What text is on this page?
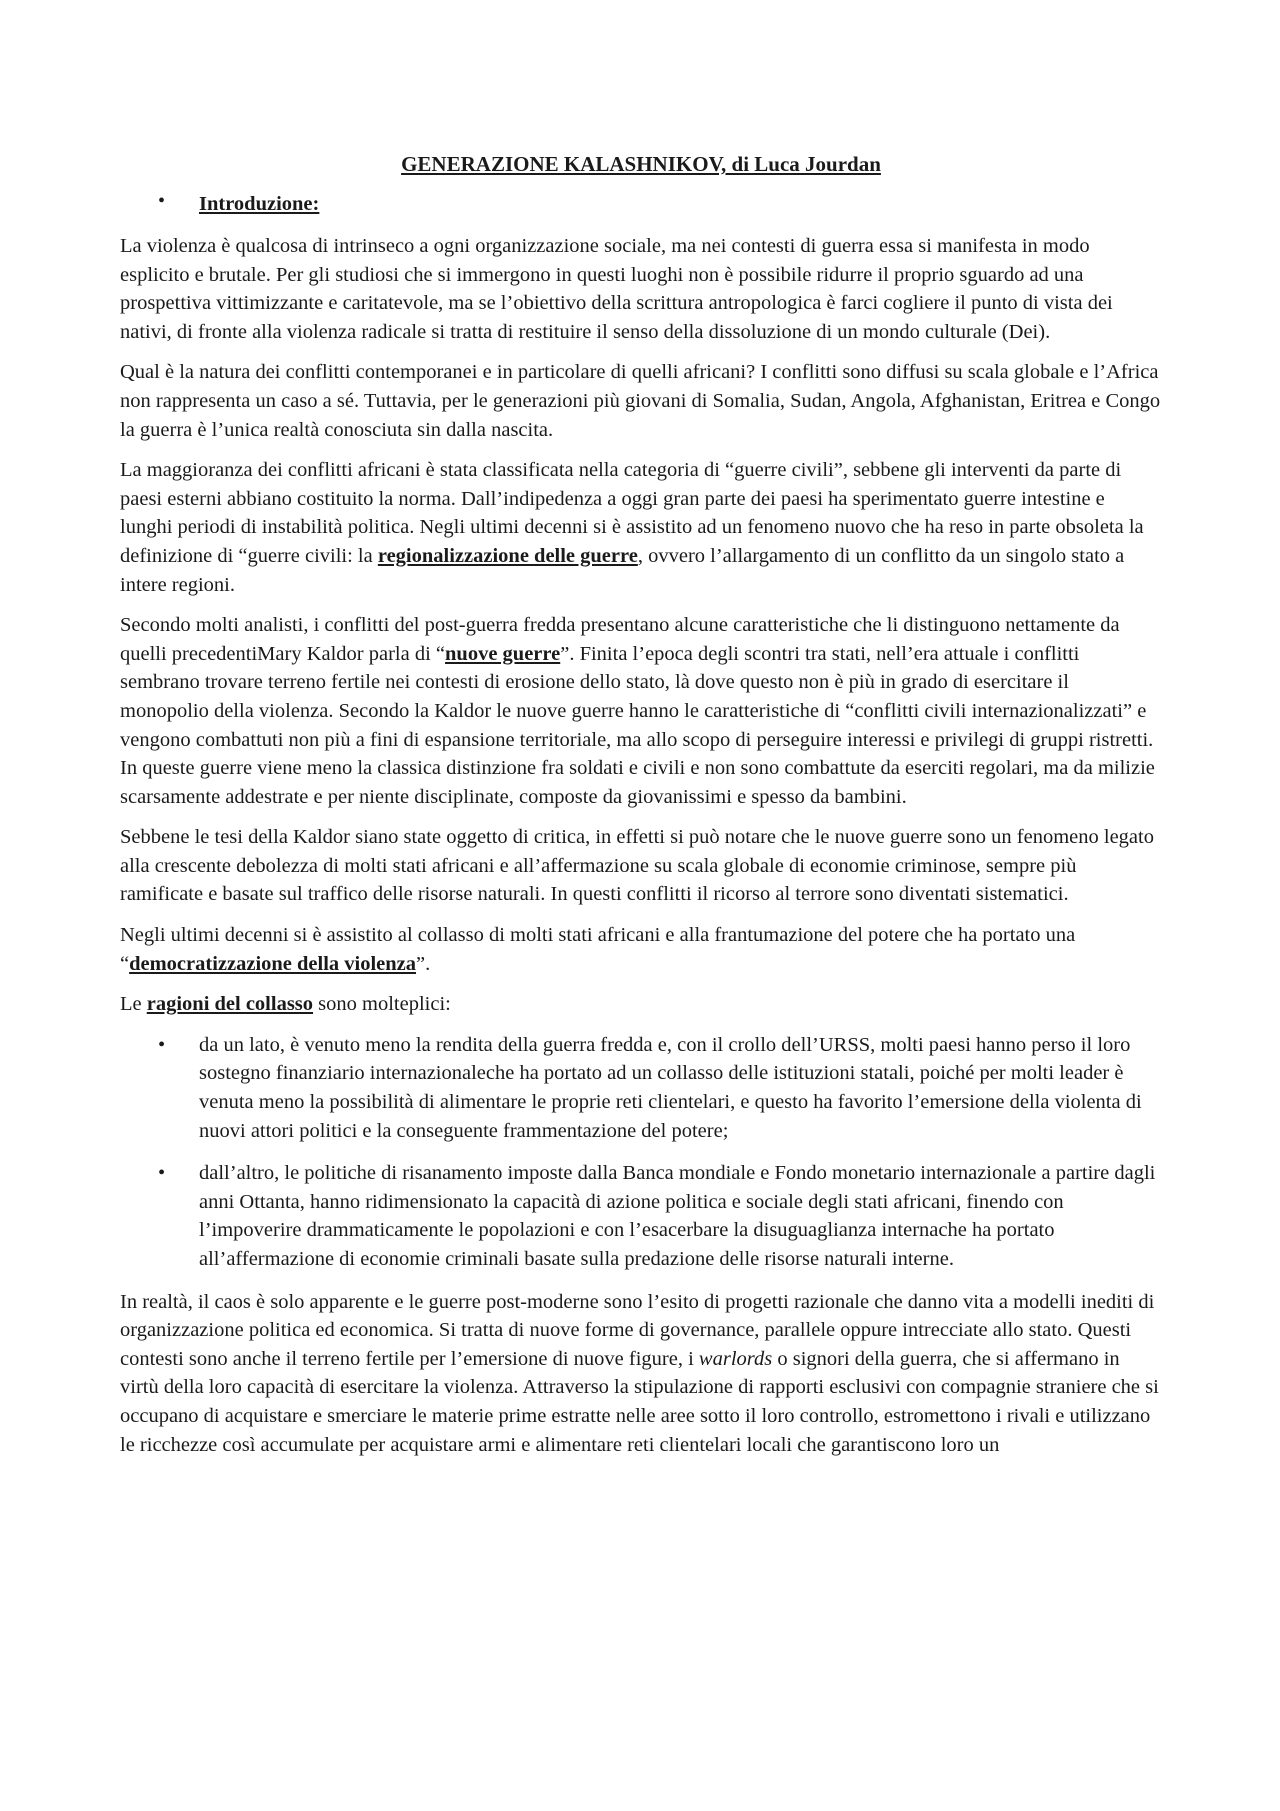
GENERAZIONE KALASHNIKOV, di Luca Jourdan
• Introduzione:

La violenza è qualcosa di intrinseco a ogni organizzazione sociale, ma nei contesti di guerra essa si manifesta in modo esplicito e brutale. Per gli studiosi che si immergono in questi luoghi non è possibile ridurre il proprio sguardo ad una prospettiva vittimizzante e caritatevole, ma se l’obiettivo della scrittura antropologica è farci cogliere il punto di vista dei nativi, di fronte alla violenza radicale si tratta di restituire il senso della dissoluzione di un mondo culturale (Dei).

Qual è la natura dei conflitti contemporanei e in particolare di quelli africani? I conflitti sono diffusi su scala globale e l’Africa non rappresenta un caso a sé. Tuttavia, per le generazioni più giovani di Somalia, Sudan, Angola, Afghanistan, Eritrea e Congo la guerra è l’unica realtà conosciuta sin dalla nascita.

La maggioranza dei conflitti africani è stata classificata nella categoria di “guerre civili”, sebbene gli interventi da parte di paesi esterni abbiano costituito la norma. Dall’indipedenza a oggi gran parte dei paesi ha sperimentato guerre intestine e lunghi periodi di instabilità politica. Negli ultimi decenni si è assistito ad un fenomeno nuovo che ha reso in parte obsoleta la definizione di “guerre civili: la regionalizzazione delle guerre, ovvero l’allargamento di un conflitto da un singolo stato a intere regioni.

Secondo molti analisti, i conflitti del post-guerra fredda presentano alcune caratteristiche che li distinguono nettamente da quelli precedentiMary Kaldor parla di “nuove guerre”. Finita l’epoca degli scontri tra stati, nell’era attuale i conflitti sembrano trovare terreno fertile nei contesti di erosione dello stato, là dove questo non è più in grado di esercitare il monopolio della violenza. Secondo la Kaldor le nuove guerre hanno le caratteristiche di “conflitti civili internazionalizzati” e vengono combattuti non più a fini di espansione territoriale, ma allo scopo di perseguire interessi e privilegi di gruppi ristretti. In queste guerre viene meno la classica distinzione fra soldati e civili e non sono combattute da eserciti regolari, ma da milizie scarsamente addestrate e per niente disciplinate, composte da giovanissimi e spesso da bambini.

Sebbene le tesi della Kaldor siano state oggetto di critica, in effetti si può notare che le nuove guerre sono un fenomeno legato alla crescente debolezza di molti stati africani e all’affermazione su scala globale di economie criminose, sempre più ramificate e basate sul traffico delle risorse naturali. In questi conflitti il ricorso al terrore sono diventati sistematici.

Negli ultimi decenni si è assistito al collasso di molti stati africani e alla frantumazione del potere che ha portato una “democratizzazione della violenza”.

Le ragioni del collasso sono molteplici:

• da un lato, è venuto meno la rendita della guerra fredda e, con il crollo dell’URSS, molti paesi hanno perso il loro sostegno finanziario internazionaleche ha portato ad un collasso delle istituzioni statali, poiché per molti leader è venuta meno la possibilità di alimentare le proprie reti clientelari, e questo ha favorito l’emersione della violenta di nuovi attori politici e la conseguente frammentazione del potere;
• dall’altro, le politiche di risanamento imposte dalla Banca mondiale e Fondo monetario internazionale a partire dagli anni Ottanta, hanno ridimensionato la capacità di azione politica e sociale degli stati africani, finendo con l’impoverire drammaticamente le popolazioni e con l’esacerbare la disuguaglianza internache ha portato all’affermazione di economie criminali basate sulla predazione delle risorse naturali interne.

In realtà, il caos è solo apparente e le guerre post-moderne sono l’esito di progetti razionale che danno vita a modelli inediti di organizzazione politica ed economica. Si tratta di nuove forme di governance, parallele oppure intrecciate allo stato. Questi contesti sono anche il terreno fertile per l’emersione di nuove figure, i warlords o signori della guerra, che si affermano in virtù della loro capacità di esercitare la violenza. Attraverso la stipulazione di rapporti esclusivi con compagnie straniere che si occupano di acquistare e smerciare le materie prime estratte nelle aree sotto il loro controllo, estromettono i rivali e utilizzano le ricchezze così accumulate per acquistare armi e alimentare reti clientelari locali che garantiscono loro un
